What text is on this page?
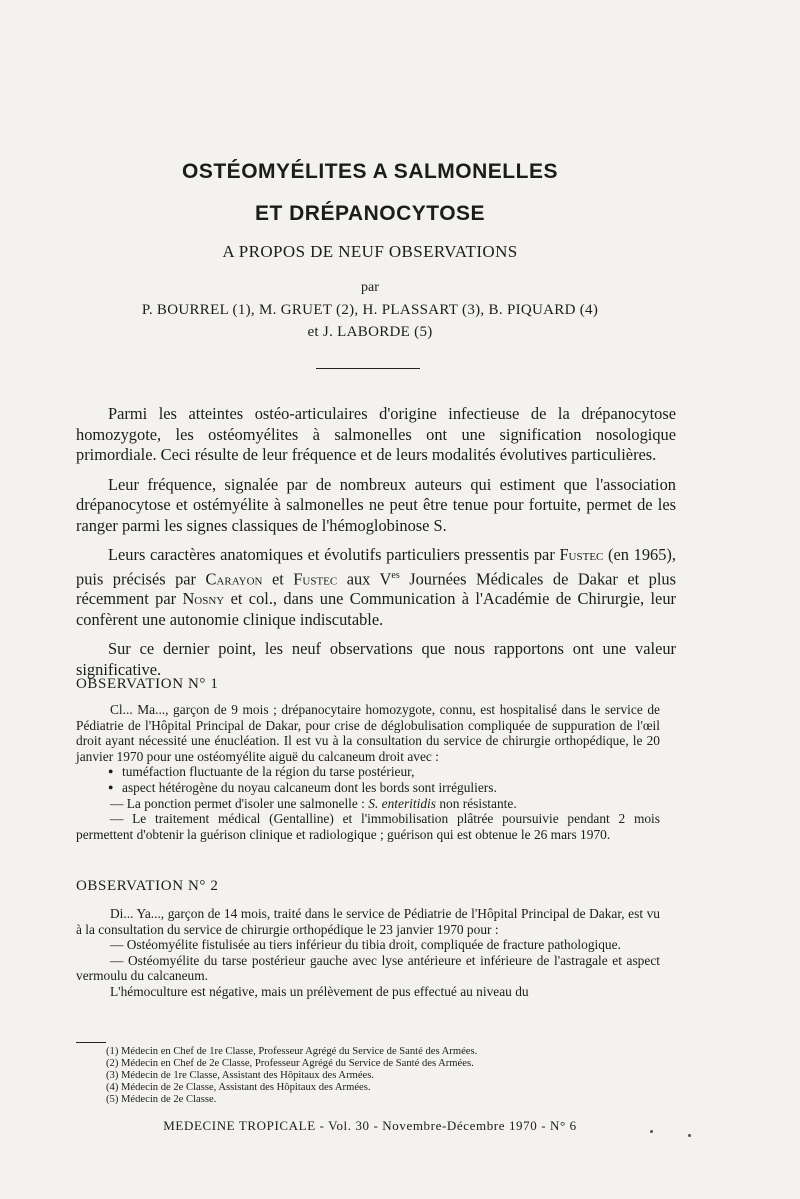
OSTÉOMYÉLITES A SALMONELLES
ET DRÉPANOCYTOSE
A PROPOS DE NEUF OBSERVATIONS
par
P. BOURREL (1), M. GRUET (2), H. PLASSART (3), B. PIQUARD (4)
et J. LABORDE (5)

Parmi les atteintes ostéo-articulaires d'origine infectieuse de la drépanocytose homozygote, les ostéomyélites à salmonelles ont une signification nosologique primordiale. Ceci résulte de leur fréquence et de leurs modalités évolutives particulières.

Leur fréquence, signalée par de nombreux auteurs qui estiment que l'association drépanocytose et ostémyélite à salmonelles ne peut être tenue pour fortuite, permet de les ranger parmi les signes classiques de l'hémoglobinose S.

Leurs caractères anatomiques et évolutifs particuliers pressentis par Fustec (en 1965), puis précisés par Carayon et Fustec aux $V^{es}$ Journées Médicales de Dakar et plus récemment par Nosny et col., dans une Communication à l'Académie de Chirurgie, leur confèrent une autonomie clinique indiscutable.

Sur ce dernier point, les neuf observations que nous rapportons ont une valeur significative.

OBSERVATION N° 1

Cl... Ma..., garçon de 9 mois ; drépanocytaire homozygote, connu, est hospitalisé dans le service de Pédiatrie de l'Hôpital Principal de Dakar, pour crise de déglobulisation compliquée de suppuration de l'œil droit ayant nécessité une énucléation. Il est vu à la consultation du service de chirurgie orthopédique, le 20 janvier 1970 pour une ostéomyélite aiguë du calcaneum droit avec :

● tuméfaction fluctuante de la région du tarse postérieur,
● aspect hétérogène du noyau calcaneum dont les bords sont irréguliers.

— La ponction permet d'isoler une salmonelle : S. enteritidis non résistante.

— Le traitement médical (Gentalline) et l'immobilisation plâtrée poursuivie pendant 2 mois permettent d'obtenir la guérison clinique et radiologique ; guérison qui est obtenue le 26 mars 1970.

OBSERVATION N° 2

Di... Ya..., garçon de 14 mois, traité dans le service de Pédiatrie de l'Hôpital Principal de Dakar, est vu à la consultation du service de chirurgie orthopédique le 23 janvier 1970 pour :

— Ostéomyélite fistulisée au tiers inférieur du tibia droit, compliquée de fracture pathologique.

— Ostéomyélite du tarse postérieur gauche avec lyse antérieure et inférieure de l'astragale et aspect vermoulu du calcaneum.

L'hémoculture est négative, mais un prélèvement de pus effectué au niveau du

(1) Médecin en Chef de 1re Classe, Professeur Agrégé du Service de Santé des Armées.
(2) Médecin en Chef de 2e Classe, Professeur Agrégé du Service de Santé des Armées.
(3) Médecin de 1re Classe, Assistant des Hôpitaux des Armées.
(4) Médecin de 2e Classe, Assistant des Hôpitaux des Armées.
(5) Médecin de 2e Classe.
MEDECINE TROPICALE - Vol. 30 - Novembre-Décembre 1970 - N° 6
